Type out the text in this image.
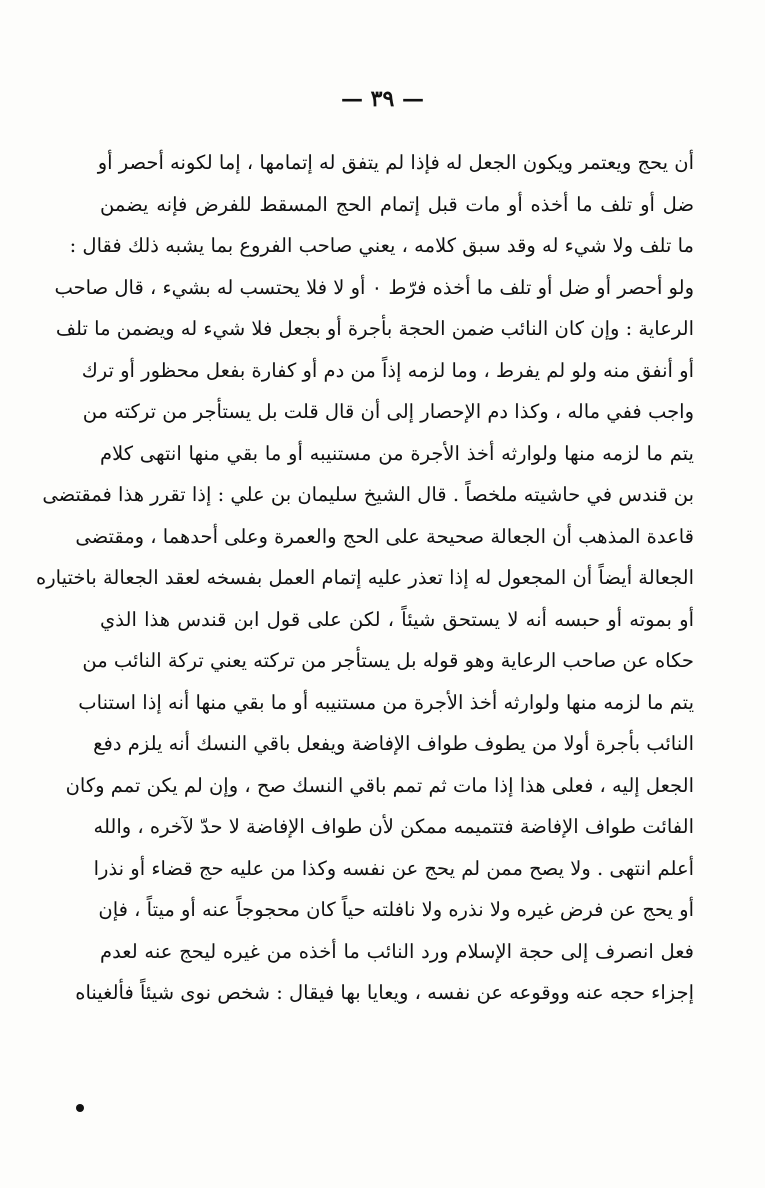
— ٣٩ —
أن يحج ويعتمر ويكون الجعل له فإذا لم يتفق له إتمامها ، إما لكونه أحصر أو
ضل أو تلف ما أخذه أو مات قبل إتمام الحج المسقط للفرض فإنه يضمن
ما تلف ولا شيء له وقد سبق كلامه ، يعني صاحب الفروع بما يشبه ذلك فقال :
ولو أحصر أو ضل أو تلف ما أخذه فرّط ٠ أو لا فلا يحتسب له بشيء ، قال صاحب
الرعاية : وإن كان النائب ضمن الحجة بأجرة أو بجعل فلا شيء له ويضمن ما تلف
أو أنفق منه ولو لم يفرط ، وما لزمه إذاً من دم أو كفارة بفعل محظور أو ترك
واجب ففي ماله ، وكذا دم الإحصار إلى أن قال قلت بل يستأجر من تركته من
يتم ما لزمه منها ولوارثه أخذ الأجرة من مستنيبه أو ما بقي منها انتهى كلام
بن قندس في حاشيته ملخصاً . قال الشيخ سليمان بن علي : إذا تقرر هذا فمقتضى
قاعدة المذهب أن الجعالة صحيحة على الحج والعمرة وعلى أحدهما ، ومقتضى
الجعالة أيضاً أن المجعول له إذا تعذر عليه إتمام العمل بفسخه لعقد الجعالة باختياره
أو بموته أو حبسه أنه لا يستحق شيئاً ، لكن على قول ابن قندس هذا الذي
حكاه عن صاحب الرعاية وهو قوله بل يستأجر من تركته يعني تركة النائب من
يتم ما لزمه منها ولوارثه أخذ الأجرة من مستنيبه أو ما بقي منها أنه إذا استناب
النائب بأجرة أولا من يطوف طواف الإفاضة ويفعل باقي النسك أنه يلزم دفع
الجعل إليه ، فعلى هذا إذا مات ثم تمم باقي النسك صح ، وإن لم يكن تمم وكان
الفائت طواف الإفاضة فتتميمه ممكن لأن طواف الإفاضة لا حدّ لآخره ، والله
أعلم انتهى . ولا يصح ممن لم يحج عن نفسه وكذا من عليه حج قضاء أو نذرا
أو يحج عن فرض غيره ولا نذره ولا نافلته حياً كان محجوجاً عنه أو ميتاً ، فإن
فعل انصرف إلى حجة الإسلام ورد النائب ما أخذه من غيره ليحج عنه لعدم
إجزاء حجه عنه ووقوعه عن نفسه ، ويعايا بها فيقال : شخص نوى شيئاً فألغيناه
